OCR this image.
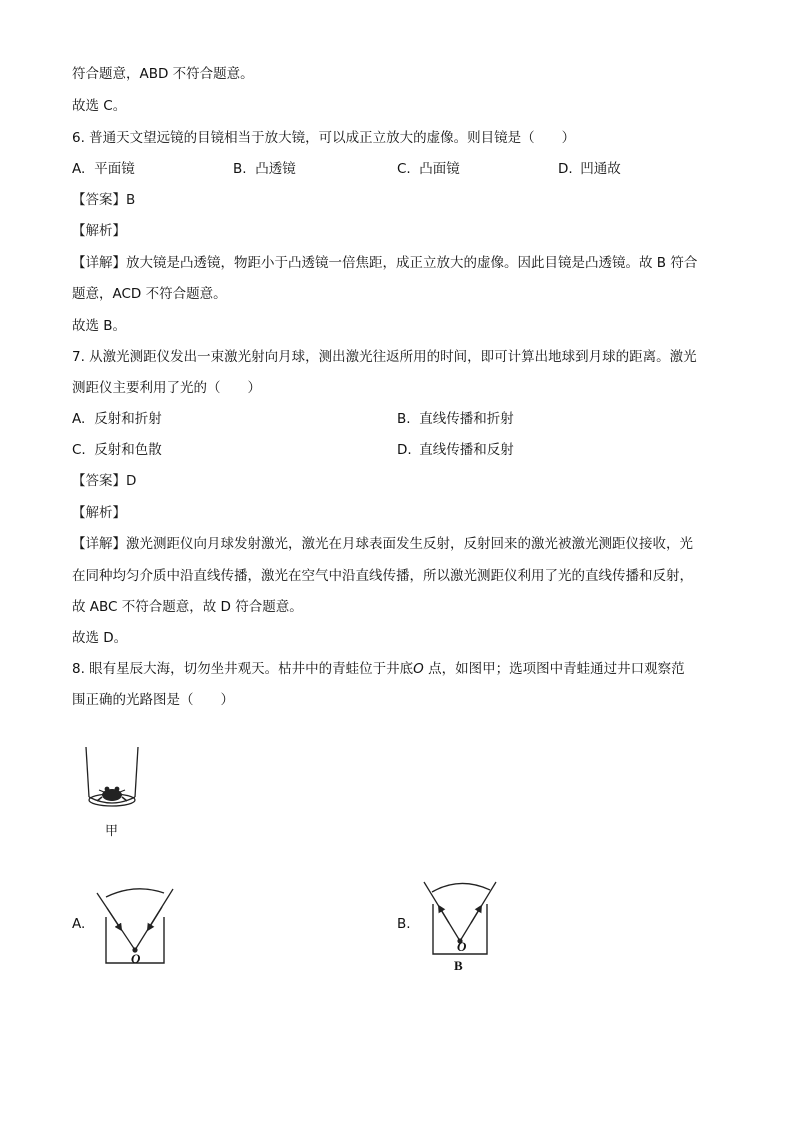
符合题意，ABD 不符合题意。
故选 C。
6. 普通天文望远镜的目镜相当于放大镜，可以成正立放大的虚像。则目镜是（　　）
A. 平面镜	B. 凸透镜	C. 凸面镜	D. 凹通故
【答案】B
【解析】
【详解】放大镜是凸透镜，物距小于凸透镜一倍焦距，成正立放大的虚像。因此目镜是凸透镜。故 B 符合
题意，ACD 不符合题意。
故选 B。
7. 从激光测距仪发出一束激光射向月球，测出激光往返所用的时间，即可计算出地球到月球的距离。激光
测距仪主要利用了光的（　　）
A. 反射和折射	B. 直线传播和折射
C. 反射和色散	D. 直线传播和反射
【答案】D
【解析】
【详解】激光测距仪向月球发射激光，激光在月球表面发生反射，反射回来的激光被激光测距仪接收，光
在同种均匀介质中沿直线传播，激光在空气中沿直线传播，所以激光测距仪利用了光的直线传播和反射，
故 ABC 不符合题意，故 D 符合题意。
故选 D。
8. 眼有星辰大海，切勿坐井观天。枯井中的青蛙位于井底O 点，如图甲；选项图中青蛙通过井口观察范
围正确的光路图是（　　）
甲
A.
O
B.
O
B
